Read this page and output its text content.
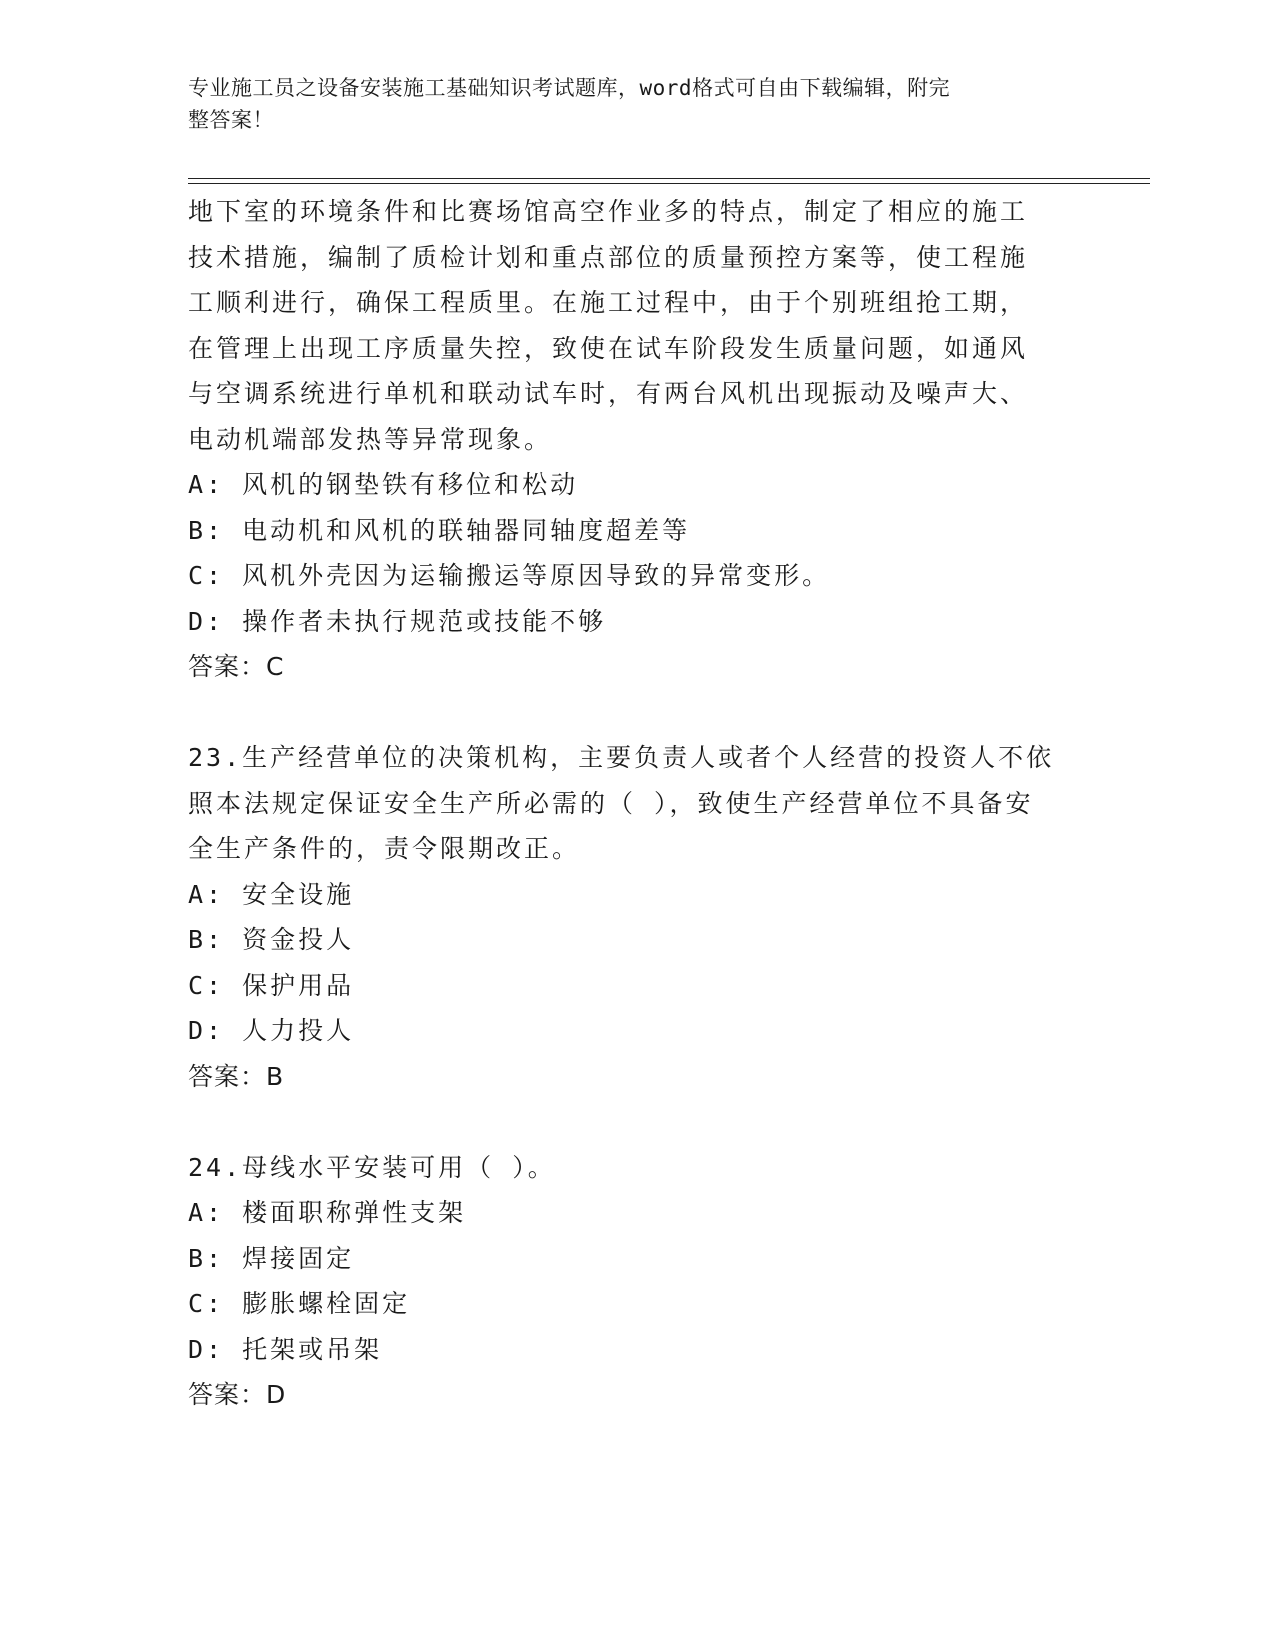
专业施工员之设备安装施工基础知识考试题库，word格式可自由下载编辑，附完
整答案！
地下室的环境条件和比赛场馆高空作业多的特点，制定了相应的施工
技术措施，编制了质检计划和重点部位的质量预控方案等，使工程施
工顺利进行，确保工程质里。在施工过程中，由于个别班组抢工期，
在管理上出现工序质量失控，致使在试车阶段发生质量问题，如通风
与空调系统进行单机和联动试车时，有两台风机出现振动及噪声大、
电动机端部发热等异常现象。
A: 风机的钢垫铁有移位和松动
B: 电动机和风机的联轴器同轴度超差等
C: 风机外壳因为运输搬运等原因导致的异常变形。
D: 操作者未执行规范或技能不够
答案：C
23.生产经营单位的决策机构，主要负责人或者个人经营的投资人不依
照本法规定保证安全生产所必需的（ ），致使生产经营单位不具备安
全生产条件的，责令限期改正。
A: 安全设施
B: 资金投人
C: 保护用品
D: 人力投人
答案：B
24.母线水平安装可用（ ）。
A: 楼面职称弹性支架
B: 焊接固定
C: 膨胀螺栓固定
D: 托架或吊架
答案：D
